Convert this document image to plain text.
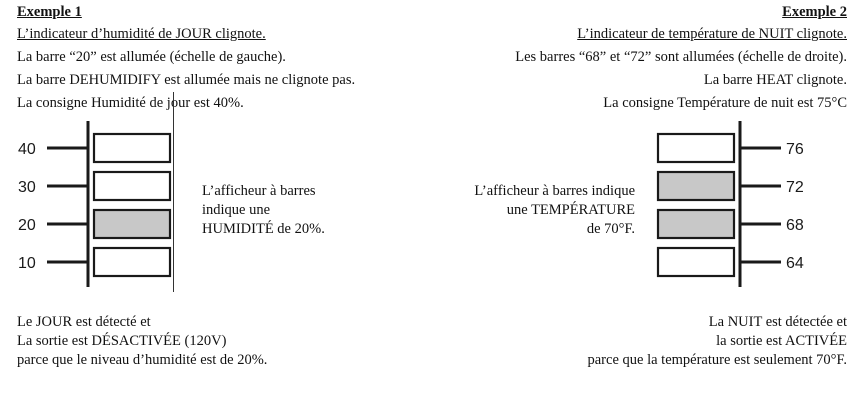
Exemple 1
L’indicateur d’humidité de JOUR clignote.
La barre “20” est allumée (échelle de gauche).
La barre DEHUMIDIFY est allumée mais ne clignote pas.
La consigne Humidité de jour est 40%.
Exemple 2
L’indicateur de température de NUIT clignote.
Les barres “68” et “72” sont allumées (échelle de droite).
La barre HEAT clignote.
La consigne Température de nuit est 75°C
40
30
20
10
76
72
68
64
L’afficheur à barres
indique une
HUMIDITÉ de 20%.
L’afficheur à barres indique
une TEMPÉRATURE
de 70°F.
Le JOUR est détecté et
La sortie est DÉSACTIVÉE (120V)
parce que le niveau d’humidité est de 20%.
La NUIT est détectée et
la sortie est ACTIVÉE
parce que la température est seulement 70°F.
